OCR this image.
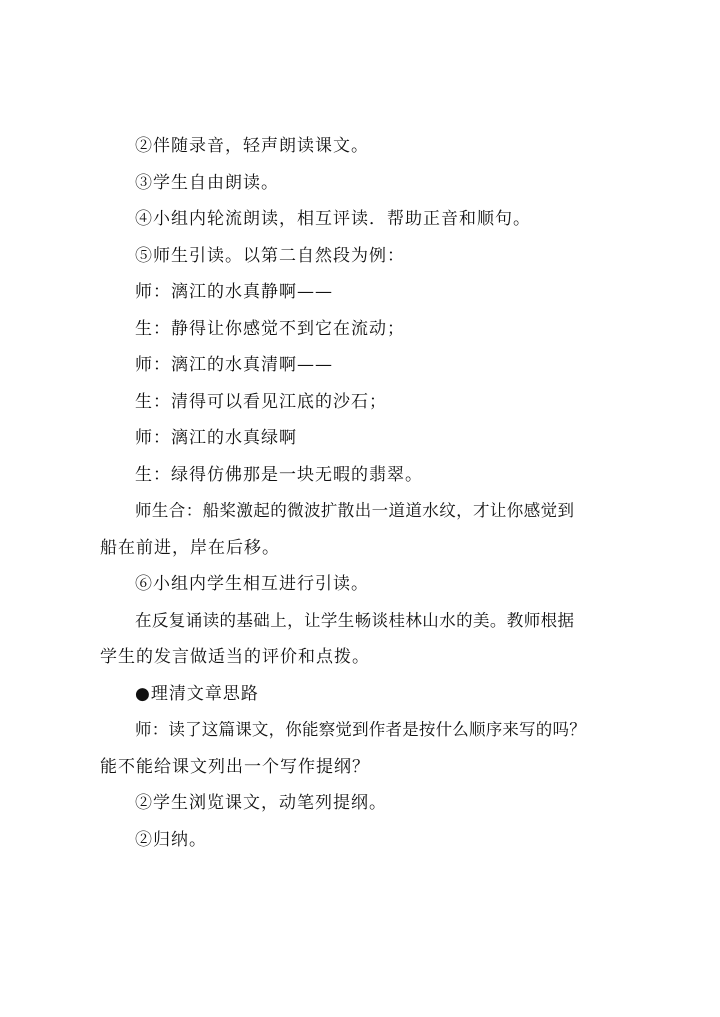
②伴随录音，轻声朗读课文。
③学生自由朗读。
④小组内轮流朗读，相互评读．帮助正音和顺句。
⑤师生引读。以第二自然段为例：
师：漓江的水真静啊——
生：静得让你感觉不到它在流动；
师：漓江的水真清啊——
生：清得可以看见江底的沙石；
师：漓江的水真绿啊
生：绿得仿佛那是一块无暇的翡翠。
师生合：船桨激起的微波扩散出一道道水纹，才让你感觉到
船在前进，岸在后移。
⑥小组内学生相互进行引读。
在反复诵读的基础上，让学生畅谈桂林山水的美。教师根据
学生的发言做适当的评价和点拨。
●理清文章思路
师：读了这篇课文，你能察觉到作者是按什么顺序来写的吗？
能不能给课文列出一个写作提纲？
②学生浏览课文，动笔列提纲。
②归纳。
